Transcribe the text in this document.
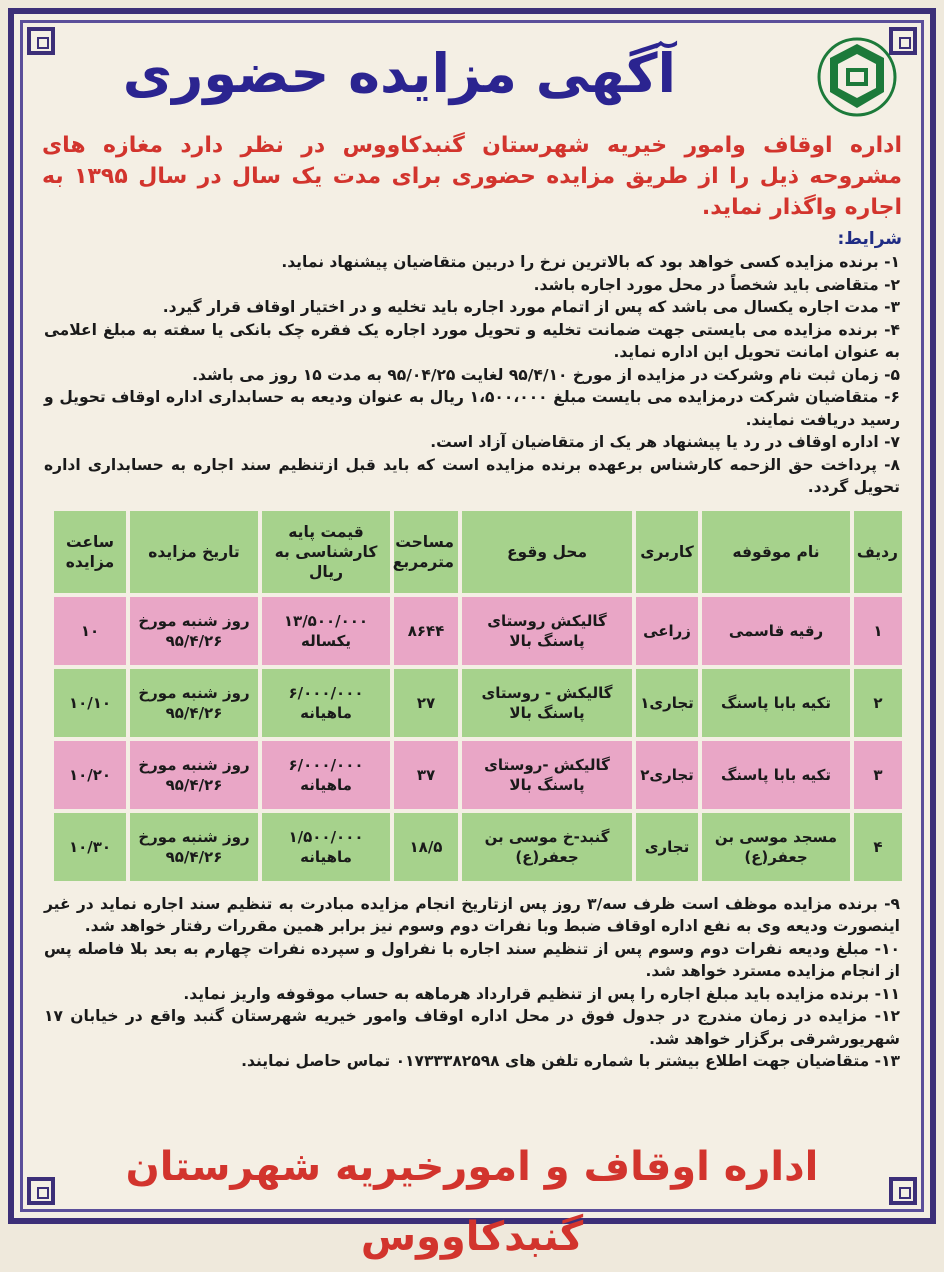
آگهی مزایده حضوری

اداره اوقاف وامور خیریه شهرستان گنبدکاووس در نظر دارد مغازه های مشروحه ذیل را از طریق مزایده حضوری برای مدت یک سال در سال ۱۳۹۵ به اجاره واگذار نماید.

شرایط:

۱- برنده مزایده کسی خواهد بود که بالاترین نرخ را دربین متقاضیان پیشنهاد نماید.

۲- متقاضی باید شخصاً در محل مورد اجاره باشد.

۳- مدت اجاره یکسال می باشد که پس از اتمام مورد اجاره باید تخلیه و در اختیار اوقاف قرار گیرد.

۴- برنده مزایده می بایستی جهت ضمانت تخلیه و تحویل مورد اجاره یک فقره چک بانکی یا سفته به مبلغ اعلامی به عنوان امانت تحویل این اداره نماید.

۵- زمان ثبت نام وشرکت در مزایده از مورخ ۹۵/۴/۱۰ لغایت ۹۵/۰۴/۲۵ به مدت ۱۵ روز می باشد.

۶- متقاضیان شرکت درمزایده می بایست مبلغ ۱،۵۰۰،۰۰۰ ریال به عنوان ودیعه به حسابداری اداره اوقاف تحویل و رسید دریافت نمایند.

۷- اداره اوقاف در رد یا پیشنهاد هر یک از متقاضیان آزاد است.

۸- پرداخت حق الزحمه کارشناس برعهده برنده مزایده است که باید قبل ازتنظیم سند اجاره به حسابداری اداره تحویل گردد.

ردیف	نام موقوفه	کاربری	محل وقوع	مساحت مترمربع	قیمت پایه کارشناسی به ریال	تاریخ مزایده	ساعت مزایده
۱	رقیه قاسمی	زراعی	گالیکش روستای پاسنگ بالا	۸۶۴۴	۱۳/۵۰۰/۰۰۰ یکساله	روز شنبه مورخ ۹۵/۴/۲۶	۱۰
۲	تکیه بابا پاسنگ	تجاری۱	گالیکش - روستای پاسنگ بالا	۲۷	۶/۰۰۰/۰۰۰ ماهیانه	روز شنبه مورخ ۹۵/۴/۲۶	۱۰/۱۰
۳	تکیه بابا پاسنگ	تجاری۲	گالیکش -روستای پاسنگ بالا	۳۷	۶/۰۰۰/۰۰۰ ماهیانه	روز شنبه مورخ ۹۵/۴/۲۶	۱۰/۲۰
۴	مسجد موسی بن جعفر(ع)	تجاری	گنبد-خ موسی بن جعفر(ع)	۱۸/۵	۱/۵۰۰/۰۰۰ ماهیانه	روز شنبه مورخ ۹۵/۴/۲۶	۱۰/۳۰

۹- برنده مزایده موظف است ظرف سه/۳ روز پس ازتاریخ انجام مزایده مبادرت به تنظیم سند اجاره نماید در غیر اینصورت ودیعه وی به نفع اداره اوقاف ضبط وبا نفرات دوم وسوم نیز برابر همین مقررات رفتار خواهد شد.

۱۰- مبلغ ودیعه نفرات دوم وسوم پس از تنظیم سند اجاره با نفراول و سپرده نفرات چهارم به بعد بلا فاصله پس از انجام مزایده مسترد خواهد شد.

۱۱- برنده مزایده باید مبلغ اجاره را پس از تنظیم قرارداد هرماهه به حساب موقوفه واریز نماید.

۱۲- مزایده در زمان مندرج در جدول فوق در محل اداره اوقاف وامور خیریه شهرستان گنبد واقع در خیابان ۱۷ شهریورشرقی برگزار خواهد شد.

۱۳- متقاضیان جهت اطلاع بیشتر با شماره تلفن های ۰۱۷۳۳۳۸۲۵۹۸ تماس حاصل نمایند.

اداره اوقاف و امورخیریه شهرستان گنبدکاووس
